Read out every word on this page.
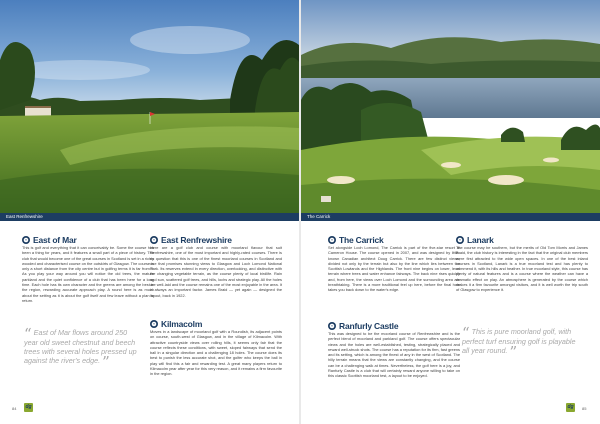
East Renfrewshire	The Carrick
East of Mar
This is golf and everything that it can conceivably be. Some the course has been a thing for years, and it features a small part of a piece of history. The club that would become one of the great courses in Scotland is set in a richly wooded and characterised course on the outskirts of Glasgow. The course is only a short distance from the city centre but in golfing terms it is far from it. As you play your way around you will notice the old trees, the mature parkland and the quiet confidence of a club that has been here for a long time. Each hole has its own character and the greens are among the best in the region, rewarding accurate approach play. A round here is as much about the setting as it is about the golf itself and few leave without a plan to return.
East Renfrewshire
Here are a golf club and course with moorland flavour that suit Renfrewshire, one of the most important and highly-rated courses. There is no question that this is one of the finest moorland courses in Scotland and one that promises stunning views to Glasgow and Loch Lomond National Park. Its reserves extend in every direction, overlooking, and distinctive with the changing vegetable terrain, as the course plenty of local birdlife. Rain and sun, scattered golf trees, and hills, lochs and strategic play. All the holes are well-laid and the course remains one of the most enjoyable in the area. It is always an important factor. James Braid — yet again — designed the layout, back in 1922.
Kilmacolm
Moves in a landscape of moorland golf with a Roundish, its adjacent points on course, south-west of Glasgow, and in the village of Kilmacolm. With attractive countryside views over rolling hills, it seems only fair that the course reflects these conditions, with sweet, sloped fairways that send the ball in a singular direction and a challenging 18 holes. The course does its best to punish the less accurate shot, and the golfer who keeps the ball in play will find this a fair and rewarding test. A great many players return to Kilmacolm year after year for this very reason, and it remains a firm favourite in the region.
“ East of Mar flows around 250 year old sweet chestnut and beech trees with several holes pressed up against the river's edge. ”
The Carrick
Set alongside Loch Lomond, The Carrick is part of the five-star resort at Cameron House. The course opened in 2007, and was designed by little-known Canadian architect Doug Carrick. There are few distinct views, divided not only by the terrain but also by the line which lies between the Scottish Lowlands and the Highlands. The front nine begins on lower, level terrain where trees and water enhance fairways. The back nine rises quickly and, from here, the views over Loch Lomond and the surrounding area are breathtaking. There is a more traditional feel up here, before the final hole takes you back down to the water's edge.
Ranfurly Castle
This was designed to be the moorland course of Renfrewshire and is the perfect blend of moorland and parkland golf. The course offers spectacular views and the holes are well-established, testing, strategically placed and reward well-struck shots. The course has a reputation for its firm, fast greens and its setting, which is among the finest of any in the west of Scotland. The hilly terrain means that the views are constantly changing, and the course can be a challenging walk at times. Nevertheless, the golf here is a joy, and Ranfurly Castle is a club that will certainly reward anyone willing to take on this classic Scottish moorland test, a layout to be enjoyed.
Lanark
The course may be southern, but the merits of Old Tom Morris and James Braid, the club history is interesting in the fact that the original club members were first attracted to the wide open spaces. In one of the best inland courses in Scotland, Lanark is a true moorland test and has plenty to commend it, with its hills and heather. In true moorland style, this course has plenty of natural features and is a course where the weather can have a dramatic effect on play. An atmosphere is generated by the course which makes it a firm favourite amongst visitors, and it is well worth the trip south of Glasgow to experience it.
“ This is pure moorland golf, with perfect turf ensuring golf is playable all year round. ”
84 dg	dg	85
